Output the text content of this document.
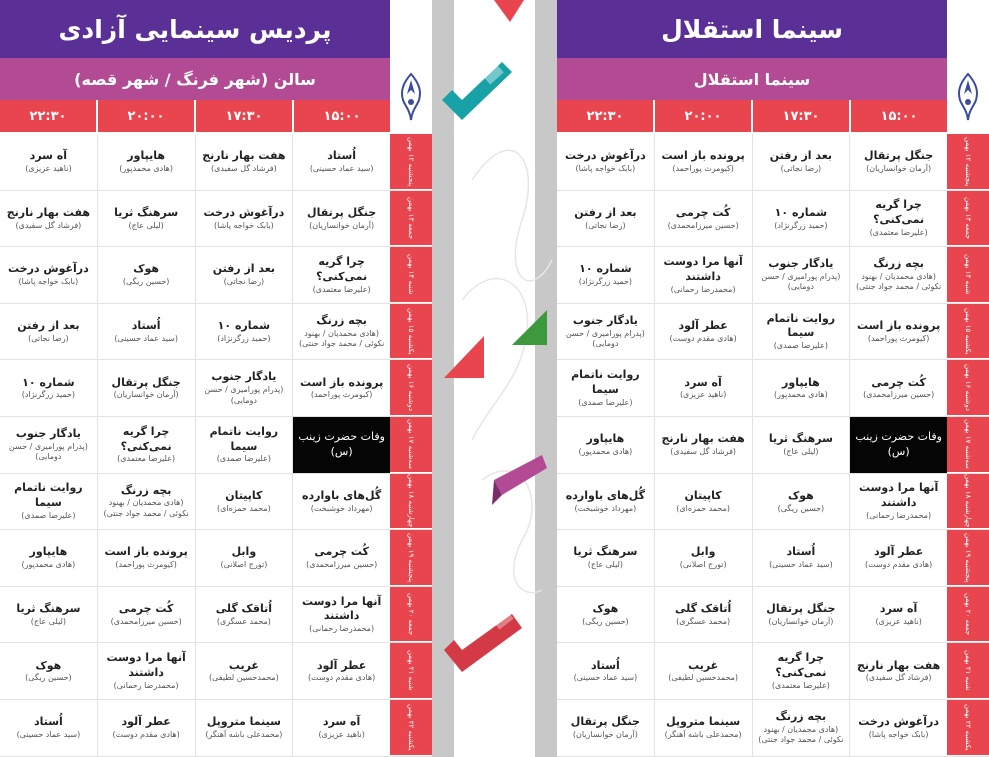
پردیس سینمایی آزادی
سالن (شهر فرنگ / شهر قصه)
۱۵:۰۰
۱۷:۳۰
۲۰:۰۰
۲۲:۳۰
پنجشنبه ۱۲ بهمن
اُستاد
(سید عماد حسینی)
هفت بهار نارنج
(فرشاد گل سفیدی)
هایپاور
(هادی محمدپور)
آه سرد
(ناهید عزیزی)
جمعه ۱۳ بهمن
جنگل پرتقال
(آرمان خوانساریان)
درآغوش درخت
(بابک خواجه پاشا)
سرهنگ ثریا
(لیلی عاج)
هفت بهار نارنج
(فرشاد گل سفیدی)
شنبه ۱۴ بهمن
چرا گریه نمی‌کنی؟
(علیرضا معتمدی)
بعد از رفتن
(رضا نجاتی)
هوک
(حسین ریگی)
درآغوش درخت
(بابک خواجه پاشا)
یکشنبه ۱۵ بهمن
بچه زرنگ
(هادی محمدیان / بهنود نکوئی / محمد جواد جنتی)
شماره ۱۰
(حمید زرگرنژاد)
اُستاد
(سید عماد حسینی)
بعد از رفتن
(رضا نجاتی)
دوشنبه ۱۶ بهمن
پرونده باز است
(کیومرث پوراحمد)
یادگار جنوب
(پدرام پورامیری / حسن دومایی)
جنگل پرتقال
(آرمان خوانساریان)
شماره ۱۰
(حمید زرگرنژاد)
سه‌شنبه ۱۷ بهمن
وفات حضرت زینب (س)
روایت ناتمام سیما
(علیرضا صمدی)
چرا گریه نمی‌کنی؟
(علیرضا معتمدی)
یادگار جنوب
(پدرام پورامیری / حسن دومایی)
چهارشنبه ۱۸ بهمن
گُل‌های باوارده
(مهرداد خوشبخت)
کاپیتان
(محمد حمزه‌ای)
بچه زرنگ
(هادی محمدیان / بهنود نکوئی / محمد جواد جنتی)
روایت ناتمام سیما
(علیرضا صمدی)
پنجشنبه ۱۹ بهمن
کُت چرمی
(حسین میرزامحمدی)
وابل
(تورج اصلانی)
پرونده باز است
(کیومرث پوراحمد)
هایپاور
(هادی محمدپور)
جمعه ۲۰ بهمن
آنها مرا دوست داشتند
(محمدرضا رحمانی)
اُتاقک گلی
(محمد عسگری)
کُت چرمی
(حسین میرزامحمدی)
سرهنگ ثریا
(لیلی عاج)
شنبه ۲۱ بهمن
عطر آلود
(هادی مقدم دوست)
غریب
(محمدحسین لطیفی)
آنها مرا دوست داشتند
(محمدرضا رحمانی)
هوک
(حسین ریگی)
یکشنبه ۲۲ بهمن
آه سرد
(ناهید عزیزی)
سینما متروپل
(محمدعلی باشه آهنگر)
عطر آلود
(هادی مقدم دوست)
اُستاد
(سید عماد حسینی)
سینما استقلال
سینما استقلال
۱۵:۰۰
۱۷:۳۰
۲۰:۰۰
۲۲:۳۰
پنجشنبه ۱۲ بهمن
جنگل پرتقال
(آرمان خوانساریان)
بعد از رفتن
(رضا نجاتی)
پرونده باز است
(کیومرث پوراحمد)
درآغوش درخت
(بابک خواجه پاشا)
جمعه ۱۳ بهمن
چرا گریه نمی‌کنی؟
(علیرضا معتمدی)
شماره ۱۰
(حمید زرگرنژاد)
کُت چرمی
(حسین میرزامحمدی)
بعد از رفتن
(رضا نجاتی)
شنبه ۱۴ بهمن
بچه زرنگ
(هادی محمدیان / بهنود نکوئی / محمد جواد جنتی)
یادگار جنوب
(پدرام پورامیری / حسن دومایی)
آنها مرا دوست داشتند
(محمدرضا رحمانی)
شماره ۱۰
(حمید زرگرنژاد)
یکشنبه ۱۵ بهمن
پرونده باز است
(کیومرث پوراحمد)
روایت ناتمام سیما
(علیرضا صمدی)
عطر آلود
(هادی مقدم دوست)
یادگار جنوب
(پدرام پورامیری / حسن دومایی)
دوشنبه ۱۶ بهمن
کُت چرمی
(حسین میرزامحمدی)
هایپاور
(هادی محمدپور)
آه سرد
(ناهید عزیزی)
روایت ناتمام سیما
(علیرضا صمدی)
سه‌شنبه ۱۷ بهمن
وفات حضرت زینب (س)
سرهنگ ثریا
(لیلی عاج)
هفت بهار نارنج
(فرشاد گل سفیدی)
هایپاور
(هادی محمدپور)
چهارشنبه ۱۸ بهمن
آنها مرا دوست داشتند
(محمدرضا رحمانی)
هوک
(حسین ریگی)
کاپیتان
(محمد حمزه‌ای)
گُل‌های باوارده
(مهرداد خوشبخت)
پنجشنبه ۱۹ بهمن
عطر آلود
(هادی مقدم دوست)
اُستاد
(سید عماد حسینی)
وابل
(تورج اصلانی)
سرهنگ ثریا
(لیلی عاج)
جمعه ۲۰ بهمن
آه سرد
(ناهید عزیزی)
جنگل پرتقال
(آرمان خوانساریان)
اُتاقک گلی
(محمد عسگری)
هوک
(حسین ریگی)
شنبه ۲۱ بهمن
هفت بهار نارنج
(فرشاد گل سفیدی)
چرا گریه نمی‌کنی؟
(علیرضا معتمدی)
غریب
(محمدحسین لطیفی)
اُستاد
(سید عماد حسینی)
یکشنبه ۲۲ بهمن
درآغوش درخت
(بابک خواجه پاشا)
بچه زرنگ
(هادی محمدیان / بهنود نکوئی / محمد جواد جنتی)
سینما متروپل
(محمدعلی باشه آهنگر)
جنگل پرتقال
(آرمان خوانساریان)
